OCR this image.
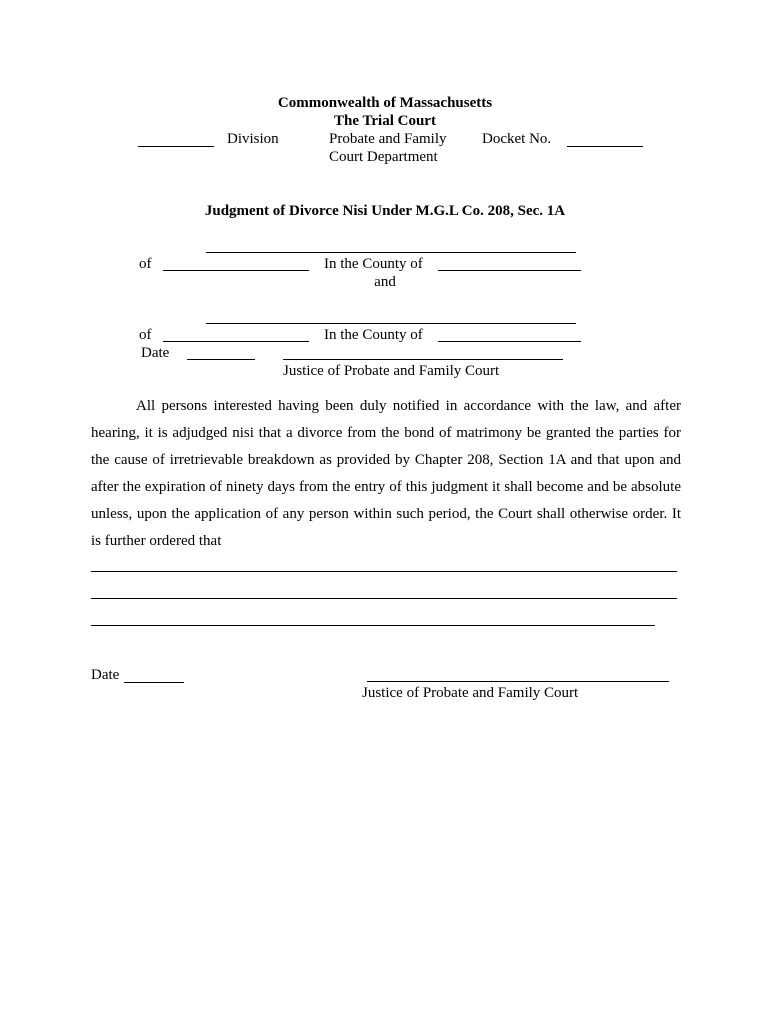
Commonwealth of Massachusetts
The Trial Court
Division	Probate and Family
Court Department
Docket No.
Judgment of Divorce Nisi Under M.G.L Co. 208, Sec. 1A
of	In the County of
and
of	In the County of
Date
Justice of Probate and Family Court
All persons interested having been duly notified in accordance with the law, and after hearing, it is adjudged nisi that a divorce from the bond of matrimony be granted the parties for the cause of irretrievable breakdown as provided by Chapter 208, Section 1A and that upon and after the expiration of ninety days from the entry of this judgment it shall become and be absolute unless, upon the application of any person within such period, the Court shall otherwise order. It is further ordered that
Date
Justice of Probate and Family Court
